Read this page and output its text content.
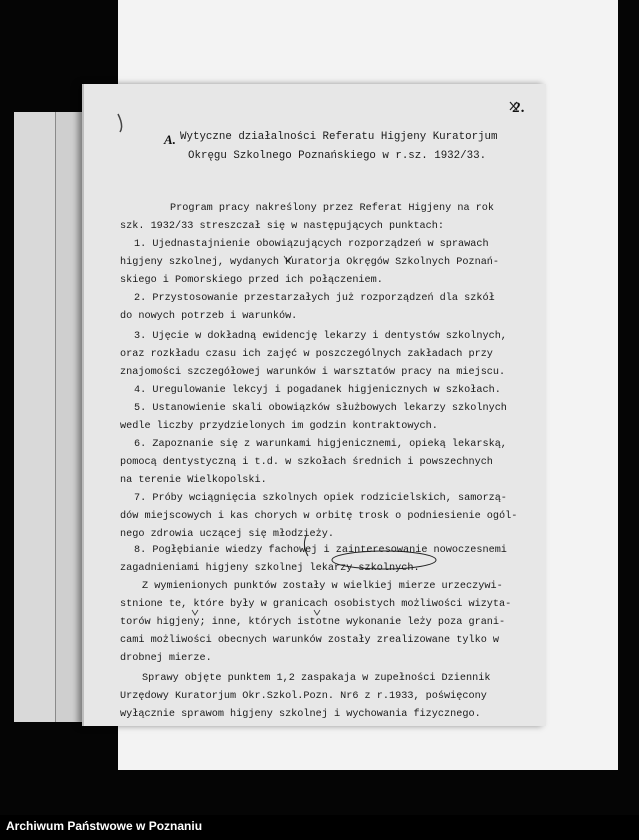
2.
A. Wytyczne działalności Referatu Higjeny Kuratorjum
Okręgu Szkolnego Poznańskiego w r.sz. 1932/33.
Program pracy nakreślony przez Referat Higjeny na rok
szk. 1932/33 streszczał się w następujących punktach:
1. Ujednastajnienie obowiązujących rozporządzeń w sprawach
higjeny szkolnej, wydanych Kuratorja Okręgów Szkolnych Poznań-
skiego i Pomorskiego przed ich połączeniem.
2. Przystosowanie przestarzałych już rozporządzeń dla szkół
do nowych potrzeb i warunków.
3. Ujęcie w dokładną ewidencję lekarzy i dentystów szkolnych,
oraz rozkładu czasu ich zajęć w poszczególnych zakładach przy
znajomości szczegółowej warunków i warsztatów pracy na miejscu.
4. Uregulowanie lekcyj i pogadanek higjenicznych w szkołach.
5. Ustanowienie skali obowiązków służbowych lekarzy szkolnych
wedle liczby przydzielonych im godzin kontraktowych.
6. Zapoznanie się z warunkami higjenicznemi, opieką lekarską,
pomocą dentystyczną i t.d. w szkołach średnich i powszechnych
na terenie Wielkopolski.
7. Próby wciągnięcia szkolnych opiek rodzicielskich, samorzą-
dów miejscowych i kas chorych w orbitę trosk o podniesienie ogól-
nego zdrowia uczącej się młodzieży.
8. Pogłębianie wiedzy fachowej i zainteresowanie nowoczesnemi
zagadnieniami higjeny szkolnej lekarzy szkolnych.
Z wymienionych punktów zostały w wielkiej mierze urzeczywi-
stnione te, które były w granicach osobistych możliwości wizyta-
torów higjeny; inne, których istotne wykonanie leży poza grani-
cami możliwości obecnych warunków zostały zrealizowane tylko w
drobnej mierze.
Sprawy objęte punktem 1,2 zaspakaja w zupełności Dziennik
Urzędowy Kuratorjum Okr.Szkol.Pozn. Nr6 z r.1933, poświęcony
wyłącznie sprawom higjeny szkolnej i wychowania fizycznego.
Archiwum Państwowe w Poznaniu
